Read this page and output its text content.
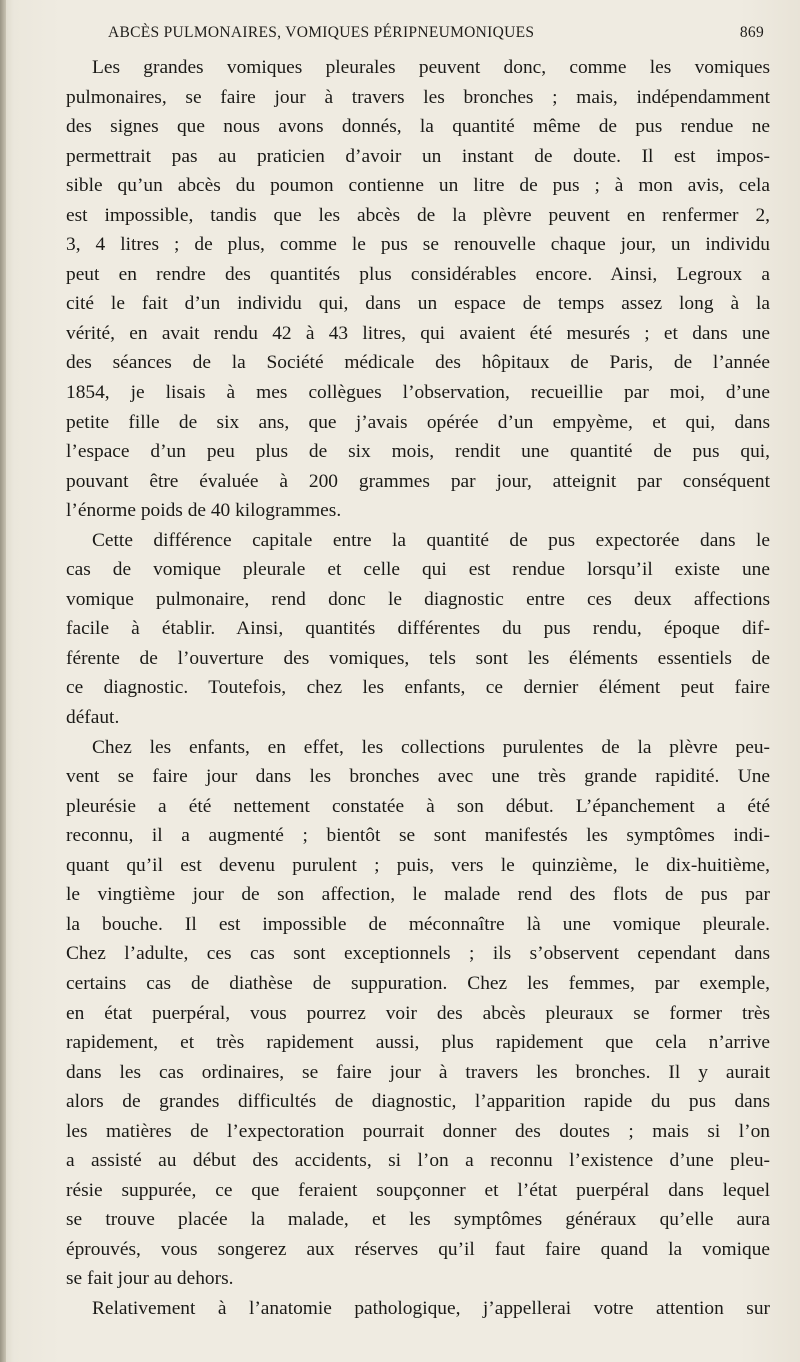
ABCÈS PULMONAIRES, VOMIQUES PÉRIPNEUMONIQUES	869
Les grandes vomiques pleurales peuvent donc, comme les vomiques
pulmonaires, se faire jour à travers les bronches ; mais, indépendamment
des signes que nous avons donnés, la quantité même de pus rendue ne
permettrait pas au praticien d’avoir un instant de doute. Il est impos-
sible qu’un abcès du poumon contienne un litre de pus ; à mon avis, cela
est impossible, tandis que les abcès de la plèvre peuvent en renfermer 2,
3, 4 litres ; de plus, comme le pus se renouvelle chaque jour, un individu
peut en rendre des quantités plus considérables encore. Ainsi, Legroux a
cité le fait d’un individu qui, dans un espace de temps assez long à la
vérité, en avait rendu 42 à 43 litres, qui avaient été mesurés ; et dans une
des séances de la Société médicale des hôpitaux de Paris, de l’année
1854, je lisais à mes collègues l’observation, recueillie par moi, d’une
petite fille de six ans, que j’avais opérée d’un empyème, et qui, dans
l’espace d’un peu plus de six mois, rendit une quantité de pus qui,
pouvant être évaluée à 200 grammes par jour, atteignit par conséquent
l’énorme poids de 40 kilogrammes.
Cette différence capitale entre la quantité de pus expectorée dans le
cas de vomique pleurale et celle qui est rendue lorsqu’il existe une
vomique pulmonaire, rend donc le diagnostic entre ces deux affections
facile à établir. Ainsi, quantités différentes du pus rendu, époque dif-
férente de l’ouverture des vomiques, tels sont les éléments essentiels de
ce diagnostic. Toutefois, chez les enfants, ce dernier élément peut faire
défaut.
Chez les enfants, en effet, les collections purulentes de la plèvre peu-
vent se faire jour dans les bronches avec une très grande rapidité. Une
pleurésie a été nettement constatée à son début. L’épanchement a été
reconnu, il a augmenté ; bientôt se sont manifestés les symptômes indi-
quant qu’il est devenu purulent ; puis, vers le quinzième, le dix-huitième,
le vingtième jour de son affection, le malade rend des flots de pus par
la bouche. Il est impossible de méconnaître là une vomique pleurale.
Chez l’adulte, ces cas sont exceptionnels ; ils s’observent cependant dans
certains cas de diathèse de suppuration. Chez les femmes, par exemple,
en état puerpéral, vous pourrez voir des abcès pleuraux se former très
rapidement, et très rapidement aussi, plus rapidement que cela n’arrive
dans les cas ordinaires, se faire jour à travers les bronches. Il y aurait
alors de grandes difficultés de diagnostic, l’apparition rapide du pus dans
les matières de l’expectoration pourrait donner des doutes ; mais si l’on
a assisté au début des accidents, si l’on a reconnu l’existence d’une pleu-
résie suppurée, ce que feraient soupçonner et l’état puerpéral dans lequel
se trouve placée la malade, et les symptômes généraux qu’elle aura
éprouvés, vous songerez aux réserves qu’il faut faire quand la vomique
se fait jour au dehors.
Relativement à l’anatomie pathologique, j’appellerai votre attention sur
